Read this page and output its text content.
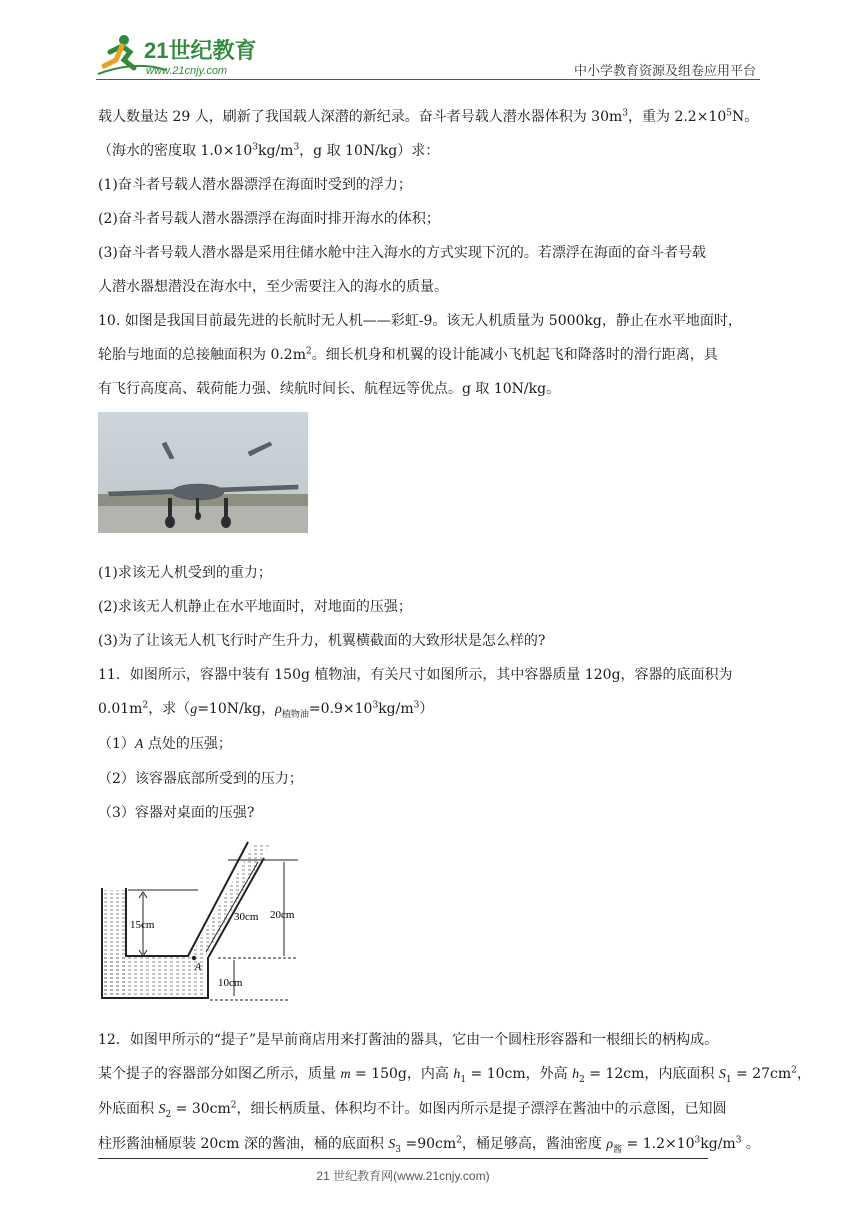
21世纪教育
www.21cnjy.com	中小学教育资源及组卷应用平台

载人数量达 29 人，刷新了我国载人深潜的新纪录。奋斗者号载人潜水器体积为 $30m^3$，重为 $2.2\times 10^5N$。

（海水的密度取 $1.0\times 10^3kg/m^3$，g 取 10N/kg）求：

(1)奋斗者号载人潜水器漂浮在海面时受到的浮力；

(2)奋斗者号载人潜水器漂浮在海面时排开海水的体积；

(3)奋斗者号载人潜水器是采用往储水舱中注入海水的方式实现下沉的。若漂浮在海面的奋斗者号载

人潜水器想潜没在海水中，至少需要注入的海水的质量。

10. 如图是我国目前最先进的长航时无人机——彩虹-9。该无人机质量为 5000kg，静止在水平地面时，

轮胎与地面的总接触面积为 $0.2m^2$。细长机身和机翼的设计能减小飞机起飞和降落时的滑行距离，具

有飞行高度高、载荷能力强、续航时间长、航程远等优点。g 取 10N/kg。

(1)求该无人机受到的重力；

(2)求该无人机静止在水平地面时，对地面的压强；

(3)为了让该无人机飞行时产生升力，机翼横截面的大致形状是怎么样的?

11．如图所示，容器中装有 150g 植物油，有关尺寸如图所示，其中容器质量 120g，容器的底面积为

$0.01m^2$，求（g=10N/kg，$\rho_{植物油}=0.9\times 10^3kg/m^3$）

（1）A 点处的压强；

（2）该容器底部所受到的压力；

（3）容器对桌面的压强?

15cm
30cm 20cm
10cm
A

12．如图甲所示的“提子”是早前商店用来打酱油的器具，它由一个圆柱形容器和一根细长的柄构成。

某个提子的容器部分如图乙所示，质量 m = 150g，内高 $h_1 = 10cm$，外高 $h_2 = 12cm$，内底面积 $S_1 = 27cm^2$，

外底面积 $S_2 = 30cm^2$，细长柄质量、体积均不计。如图丙所示是提子漂浮在酱油中的示意图，已知圆

柱形酱油桶原装 20cm 深的酱油，桶的底面积 $S_3 =90cm^2$，桶足够高，酱油密度 $\rho_酱 = 1.2\times 10^3kg/m^3$ 。

21 世纪教育网(www.21cnjy.com)
